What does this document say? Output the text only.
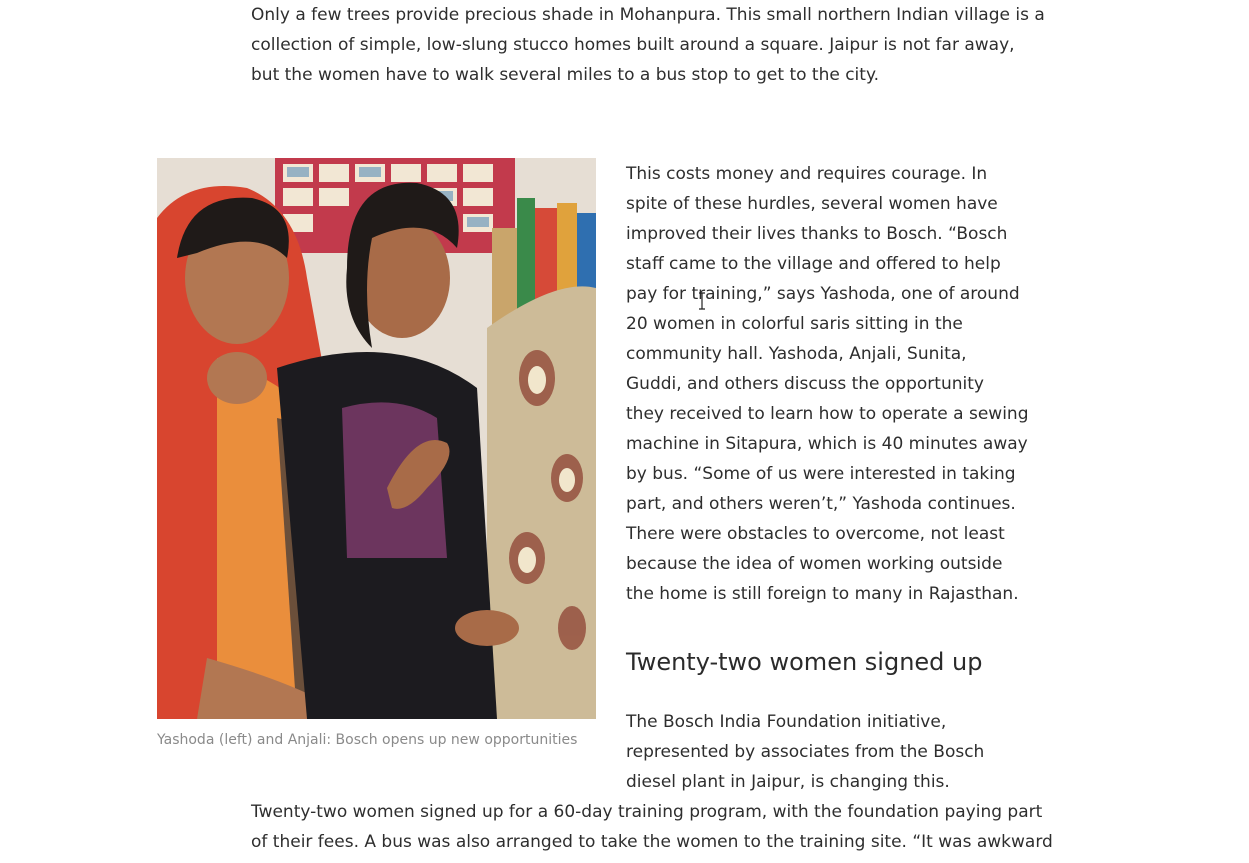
Only a few trees provide precious shade in Mohanpura. This small northern Indian village is a
collection of simple, low-slung stucco homes built around a square. Jaipur is not far away,
but the women have to walk several miles to a bus stop to get to the city.

Yashoda (left) and Anjali: Bosch opens up new opportunities

This costs money and requires courage. In
spite of these hurdles, several women have
improved their lives thanks to Bosch. “Bosch
staff came to the village and offered to help
pay for training,” says Yashoda, one of around
20 women in colorful saris sitting in the
community hall. Yashoda, Anjali, Sunita,
Guddi, and others discuss the opportunity
they received to learn how to operate a sewing
machine in Sitapura, which is 40 minutes away
by bus. “Some of us were interested in taking
part, and others weren’t,” Yashoda continues.
There were obstacles to overcome, not least
because the idea of women working outside
the home is still foreign to many in Rajasthan.

Twenty-two women signed up

The Bosch India Foundation initiative,
represented by associates from the Bosch
diesel plant in Jaipur, is changing this.

Twenty-two women signed up for a 60-day training program, with the foundation paying part
of their fees. A bus was also arranged to take the women to the training site. “It was awkward
